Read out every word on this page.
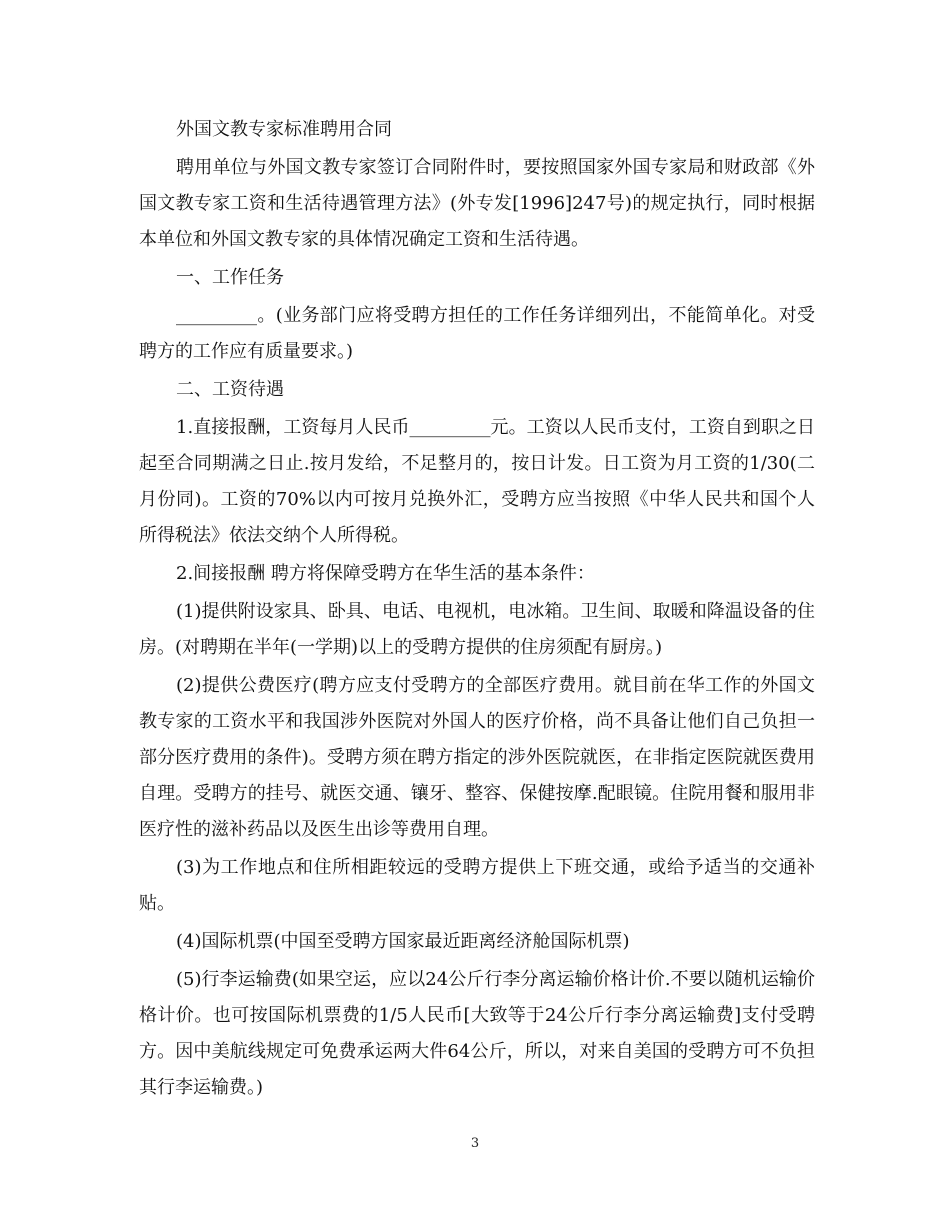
外国文教专家标准聘用合同

聘用单位与外国文教专家签订合同附件时，要按照国家外国专家局和财政部《外国文教专家工资和生活待遇管理方法》(外专发[1996]247号)的规定执行，同时根据本单位和外国文教专家的具体情况确定工资和生活待遇。

一、工作任务

_________。(业务部门应将受聘方担任的工作任务详细列出，不能简单化。对受聘方的工作应有质量要求。)

二、工资待遇

1.直接报酬，工资每月人民币_________元。工资以人民币支付，工资自到职之日起至合同期满之日止.按月发给，不足整月的，按日计发。日工资为月工资的1/30(二月份同)。工资的70%以内可按月兑换外汇，受聘方应当按照《中华人民共和国个人所得税法》依法交纳个人所得税。

2.间接报酬 聘方将保障受聘方在华生活的基本条件：

(1)提供附设家具、卧具、电话、电视机，电冰箱。卫生间、取暖和降温设备的住房。(对聘期在半年(一学期)以上的受聘方提供的住房须配有厨房。)

(2)提供公费医疗(聘方应支付受聘方的全部医疗费用。就目前在华工作的外国文教专家的工资水平和我国涉外医院对外国人的医疗价格，尚不具备让他们自己负担一部分医疗费用的条件)。受聘方须在聘方指定的涉外医院就医，在非指定医院就医费用自理。受聘方的挂号、就医交通、镶牙、整容、保健按摩.配眼镜。住院用餐和服用非医疗性的滋补药品以及医生出诊等费用自理。

(3)为工作地点和住所相距较远的受聘方提供上下班交通，或给予适当的交通补贴。

(4)国际机票(中国至受聘方国家最近距离经济舱国际机票)

(5)行李运输费(如果空运，应以24公斤行李分离运输价格计价.不要以随机运输价格计价。也可按国际机票费的1/5人民币[大致等于24公斤行李分离运输费]支付受聘方。因中美航线规定可免费承运两大件64公斤，所以，对来自美国的受聘方可不负担其行李运输费。)

3
